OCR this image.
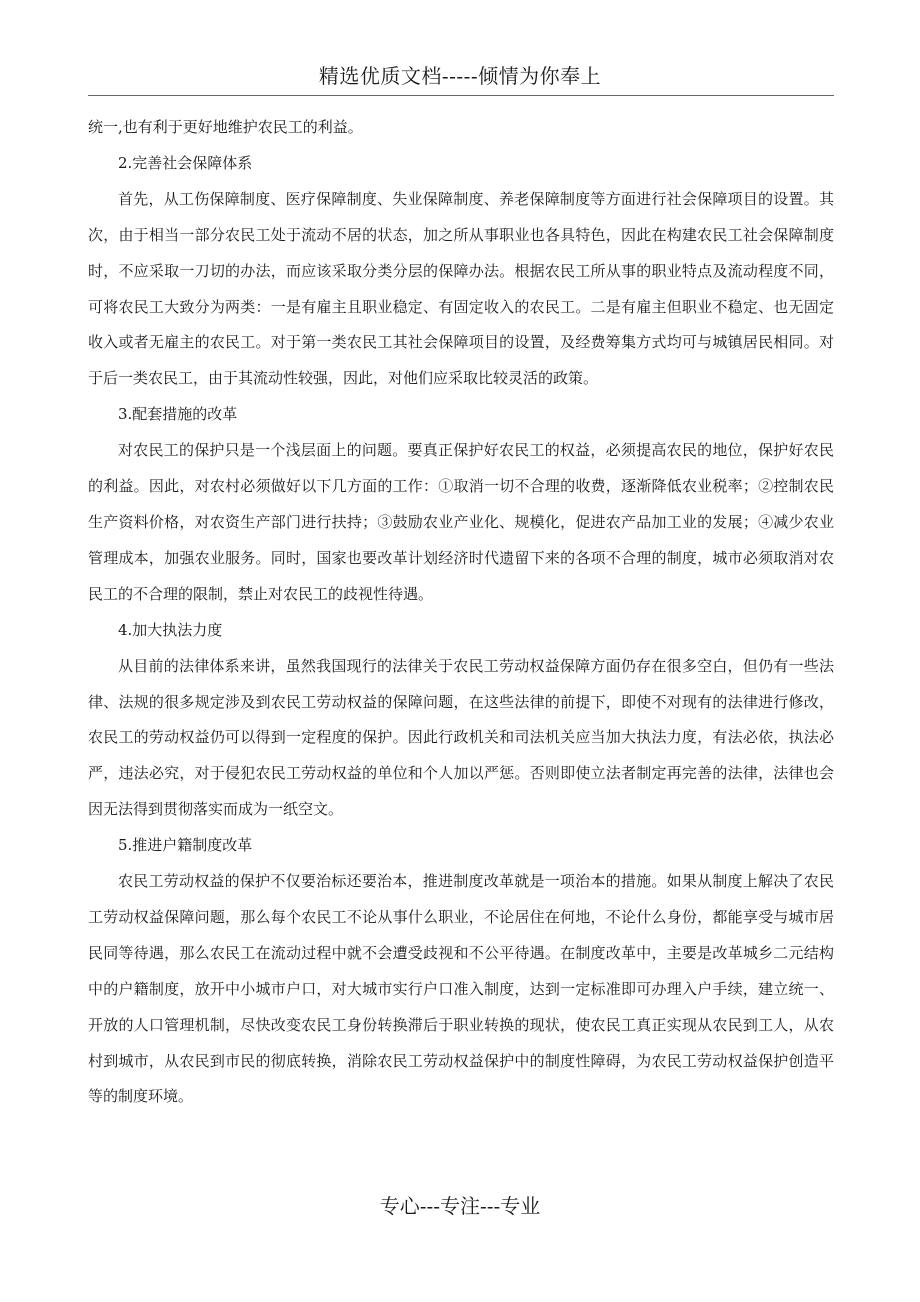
精选优质文档-----倾情为你奉上

统一,也有利于更好地维护农民工的利益。

2.完善社会保障体系

首先，从工伤保障制度、医疗保障制度、失业保障制度、养老保障制度等方面进行社会保障项目的设置。其次，由于相当一部分农民工处于流动不居的状态，加之所从事职业也各具特色，因此在构建农民工社会保障制度时，不应采取一刀切的办法，而应该采取分类分层的保障办法。根据农民工所从事的职业特点及流动程度不同，可将农民工大致分为两类：一是有雇主且职业稳定、有固定收入的农民工。二是有雇主但职业不稳定、也无固定收入或者无雇主的农民工。对于第一类农民工其社会保障项目的设置，及经费筹集方式均可与城镇居民相同。对于后一类农民工，由于其流动性较强，因此，对他们应采取比较灵活的政策。

3.配套措施的改革

对农民工的保护只是一个浅层面上的问题。要真正保护好农民工的权益，必须提高农民的地位，保护好农民的利益。因此，对农村必须做好以下几方面的工作：①取消一切不合理的收费，逐渐降低农业税率；②控制农民生产资料价格，对农资生产部门进行扶持；③鼓励农业产业化、规模化，促进农产品加工业的发展；④减少农业管理成本，加强农业服务。同时，国家也要改革计划经济时代遗留下来的各项不合理的制度，城市必须取消对农民工的不合理的限制，禁止对农民工的歧视性待遇。

4.加大执法力度

从目前的法律体系来讲，虽然我国现行的法律关于农民工劳动权益保障方面仍存在很多空白，但仍有一些法律、法规的很多规定涉及到农民工劳动权益的保障问题，在这些法律的前提下，即使不对现有的法律进行修改，农民工的劳动权益仍可以得到一定程度的保护。因此行政机关和司法机关应当加大执法力度，有法必依，执法必严，违法必究，对于侵犯农民工劳动权益的单位和个人加以严惩。否则即使立法者制定再完善的法律，法律也会因无法得到贯彻落实而成为一纸空文。

5.推进户籍制度改革

农民工劳动权益的保护不仅要治标还要治本，推进制度改革就是一项治本的措施。如果从制度上解决了农民工劳动权益保障问题，那么每个农民工不论从事什么职业，不论居住在何地，不论什么身份，都能享受与城市居民同等待遇，那么农民工在流动过程中就不会遭受歧视和不公平待遇。在制度改革中，主要是改革城乡二元结构中的户籍制度，放开中小城市户口，对大城市实行户口准入制度，达到一定标准即可办理入户手续，建立统一、开放的人口管理机制，尽快改变农民工身份转换滞后于职业转换的现状，使农民工真正实现从农民到工人，从农村到城市，从农民到市民的彻底转换，消除农民工劳动权益保护中的制度性障碍，为农民工劳动权益保护创造平等的制度环境。

专心---专注---专业
